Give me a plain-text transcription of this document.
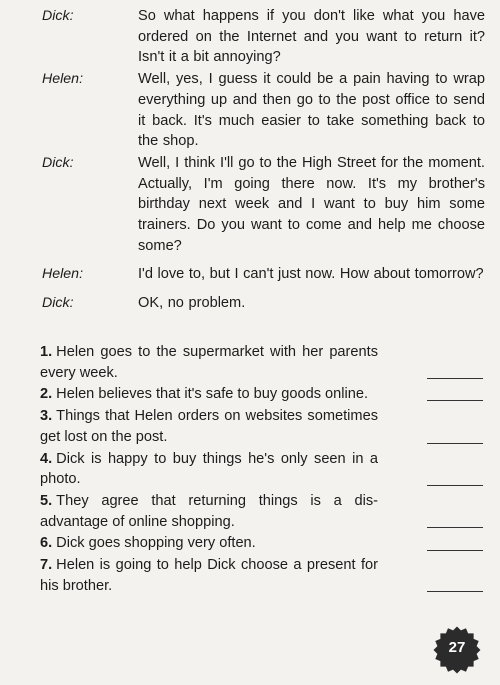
Dick:	So what happens if you don't like what you have ordered on the Internet and you want to return it? Isn't it a bit annoying?
Helen:	Well, yes, I guess it could be a pain having to wrap everything up and then go to the post office to send it back. It's much easier to take something back to the shop.
Dick:	Well, I think I'll go to the High Street for the moment. Actually, I'm going there now. It's my brother's birthday next week and I want to buy him some trainers. Do you want to come and help me choose some?
Helen:	I'd love to, but I can't just now. How about tomorrow?
Dick:	OK, no problem.
1. Helen goes to the supermarket with her parents every week.
2. Helen believes that it's safe to buy goods online.
3. Things that Helen orders on websites sometimes get lost on the post.
4. Dick is happy to buy things he's only seen in a photo.
5. They agree that returning things is a dis-advantage of online shopping.
6. Dick goes shopping very often.
7. Helen is going to help Dick choose a present for his brother.
27
